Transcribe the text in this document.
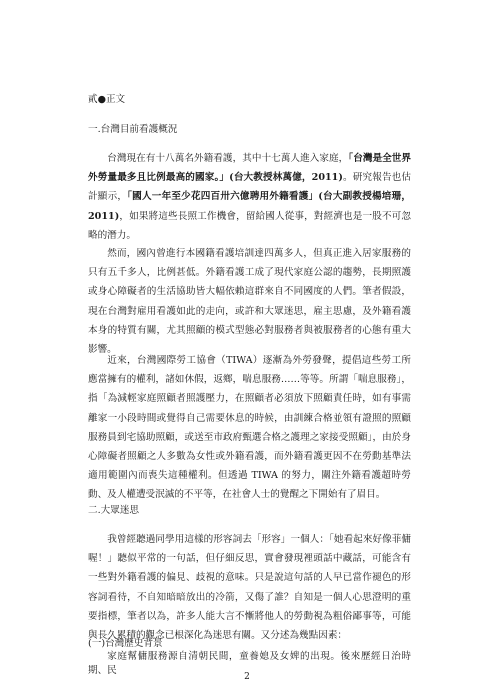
貳●正文
一.台灣目前看護概況
台灣現在有十八萬名外籍看護，其中十七萬人進入家庭，「台灣是全世界外勞量最多且比例最高的國家。」(台大教授林萬億，2011)。研究報告也估計顯示，「國人一年至少花四百卅六億聘用外籍看護」(台大副教授楊培珊，2011)，如果將這些長照工作機會，留給國人從事，對經濟也是一股不可忽略的潛力。
然而，國內曾進行本國籍看護培訓達四萬多人，但真正進入居家服務的只有五千多人，比例甚低。外籍看護工成了現代家庭公認的趨勢，長期照護或身心障礙者的生活協助皆大幅依賴這群來自不同國度的人們。筆者假設，現在台灣對雇用看護如此的走向，或許和大眾迷思，雇主思慮，及外籍看護本身的特質有關，尤其照顧的模式型態必對服務者與被服務者的心態有重大影響。
近來，台灣國際勞工協會（TIWA）逐漸為外勞發聲，提倡這些勞工所應當擁有的權利，諸如休假，返鄉，喘息服務……等等。所謂「喘息服務」，指「為減輕家庭照顧者照護壓力，在照顧者必須放下照顧責任時，如有事需離家一小段時間或覺得自己需要休息的時候，由訓練合格並領有證照的照顧服務員到宅協助照顧，或送至市政府甄選合格之護理之家接受照顧」，由於身心障礙者照顧之人多數為女性或外籍看護，而外籍看護更因不在勞動基準法適用範圍內而喪失這種權利。但透過 TIWA 的努力，關注外籍看護超時勞動、及人權遭受泯滅的不平等，在社會人士的覺醒之下開始有了眉目。
二.大眾迷思
我曾經聽過同學用這樣的形容詞去「形容」一個人：「她看起來好像菲傭喔！」聽似平常的一句話，但仔細反思，實會發現裡頭話中藏話，可能含有一些對外籍看護的偏見、歧視的意味。只是說這句話的人早已當作褪色的形容詞看待，不自知暗暗放出的冷箭，又傷了誰？自知是一個人心思澄明的重要指標，筆者以為，許多人能大言不慚將他人的勞動視為粗俗鄙事等，可能與長久累積的觀念已根深化為迷思有關。又分述為幾點因素：
(一)台灣歷史背景
家庭幫傭服務源自清朝民間，童養媳及女婢的出現。後來歷經日治時期、民
2
